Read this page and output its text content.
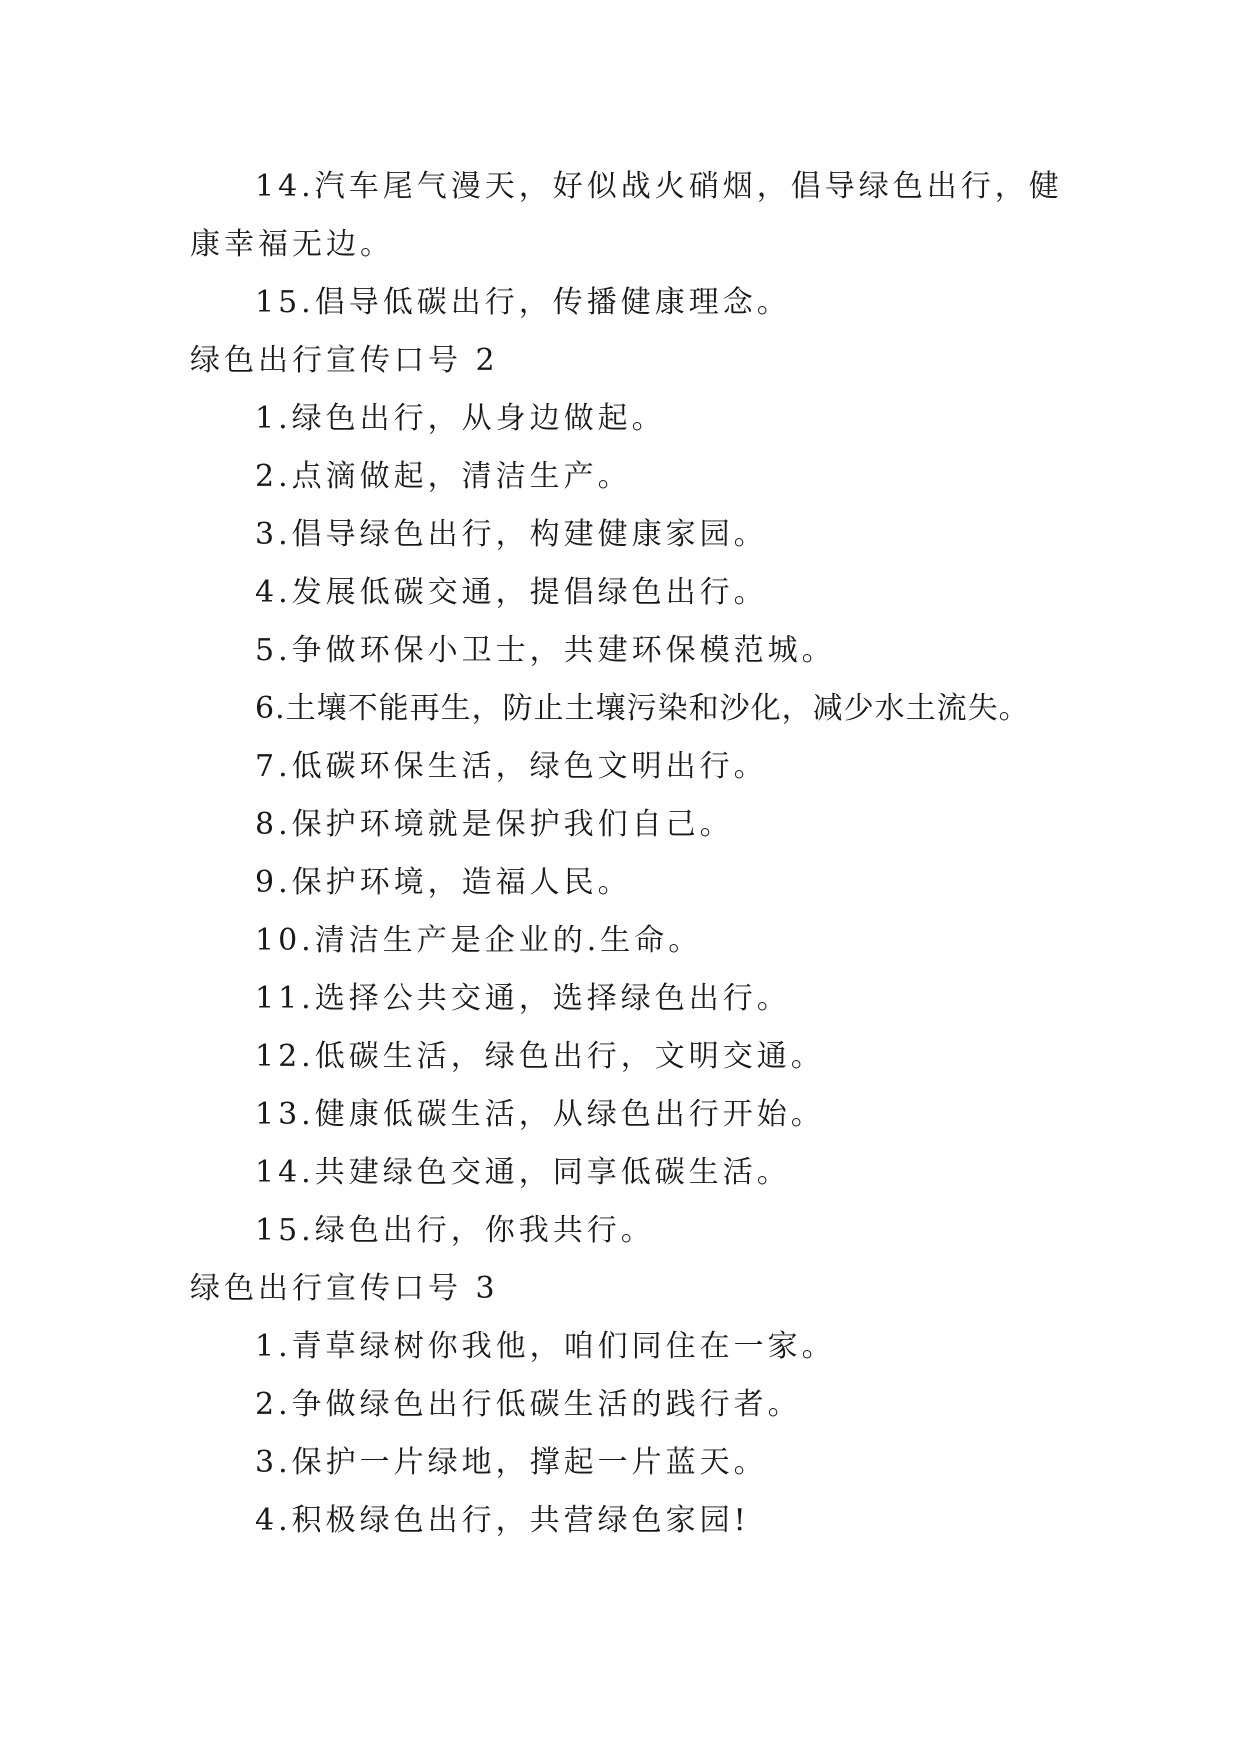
14.汽车尾气漫天，好似战火硝烟，倡导绿色出行，健
康幸福无边。
15.倡导低碳出行，传播健康理念。
绿色出行宣传口号 2
1.绿色出行，从身边做起。
2.点滴做起，清洁生产。
3.倡导绿色出行，构建健康家园。
4.发展低碳交通，提倡绿色出行。
5.争做环保小卫士，共建环保模范城。
6.土壤不能再生，防止土壤污染和沙化，减少水土流失。
7.低碳环保生活，绿色文明出行。
8.保护环境就是保护我们自己。
9.保护环境，造福人民。
10.清洁生产是企业的.生命。
11.选择公共交通，选择绿色出行。
12.低碳生活，绿色出行，文明交通。
13.健康低碳生活，从绿色出行开始。
14.共建绿色交通，同享低碳生活。
15.绿色出行，你我共行。
绿色出行宣传口号 3
1.青草绿树你我他，咱们同住在一家。
2.争做绿色出行低碳生活的践行者。
3.保护一片绿地，撑起一片蓝天。
4.积极绿色出行，共营绿色家园!
